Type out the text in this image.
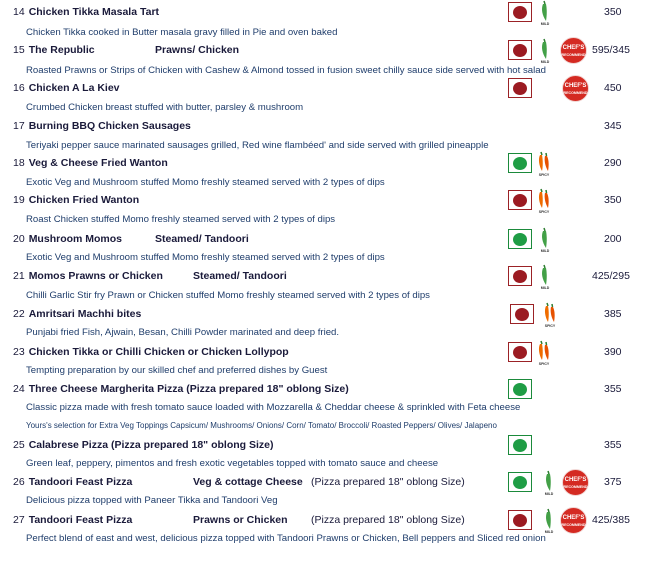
14 Chicken Tikka Masala Tart
Chicken Tikka cooked in Butter masala gravy filled in Pie and oven baked
MILD
350
15 The Republic	Prawns/ Chicken
Roasted Prawns or Strips of Chicken with Cashew & Almond tossed in fusion sweet chilly sauce side served with hot salad
MILD
CHEF'S
RECOMMEND 595/345
16 Chicken A La Kiev
Crumbed Chicken breast stuffed with butter, parsley & mushroom
CHEF'S
RECOMMEND 450
17 Burning BBQ Chicken Sausages
Teriyaki pepper sauce marinated sausages grilled, Red wine flambéed' and side served with grilled pineapple
345
18 Veg & Cheese Fried Wanton
Exotic Veg and Mushroom stuffed Momo freshly steamed served with 2 types of dips
SPICY
290
19 Chicken Fried Wanton
Roast Chicken stuffed Momo freshly steamed served with 2 types of dips
SPICY
350
20 Mushroom Momos	Steamed/ Tandoori
Exotic Veg and Mushroom stuffed Momo freshly steamed served with 2 types of dips
MILD
200
21 Momos Prawns or Chicken	Steamed/ Tandoori
Chilli Garlic Stir fry Prawn or Chicken stuffed Momo freshly steamed served with 2 types of dips
MILD
425/295
22 Amritsari Machhi bites
Punjabi fried Fish, Ajwain, Besan, Chilli Powder marinated and deep fried.
SPICY
385
23 Chicken Tikka or Chilli Chicken or Chicken Lollypop
Tempting preparation by our skilled chef and preferred dishes by Guest
SPICY
390
24 Three Cheese Margherita Pizza (Pizza prepared 18" oblong Size)
Classic pizza made with fresh tomato sauce loaded with Mozzarella & Cheddar cheese & sprinkled with Feta cheese
Yours's selection for Extra Veg Toppings Capsicum/ Mushrooms/ Onions/ Corn/ Tomato/ Broccoli/ Roasted Peppers/ Olives/ Jalapeno
355
25 Calabrese Pizza (Pizza prepared 18" oblong Size)
Green leaf, peppery, pimentos and fresh exotic vegetables topped with tomato sauce and cheese
355
26 Tandoori Feast Pizza	Veg & cottage Cheese (Pizza prepared 18" oblong Size)
Delicious pizza topped with Paneer Tikka and Tandoori Veg
MILD
CHEF'S
RECOMMEND 375
27 Tandoori Feast Pizza	Prawns or Chicken (Pizza prepared 18" oblong Size)
Perfect blend of east and west, delicious pizza topped with Tandoori Prawns or Chicken, Bell peppers and Sliced red onion
MILD
CHEF'S
RECOMMEND 425/385
